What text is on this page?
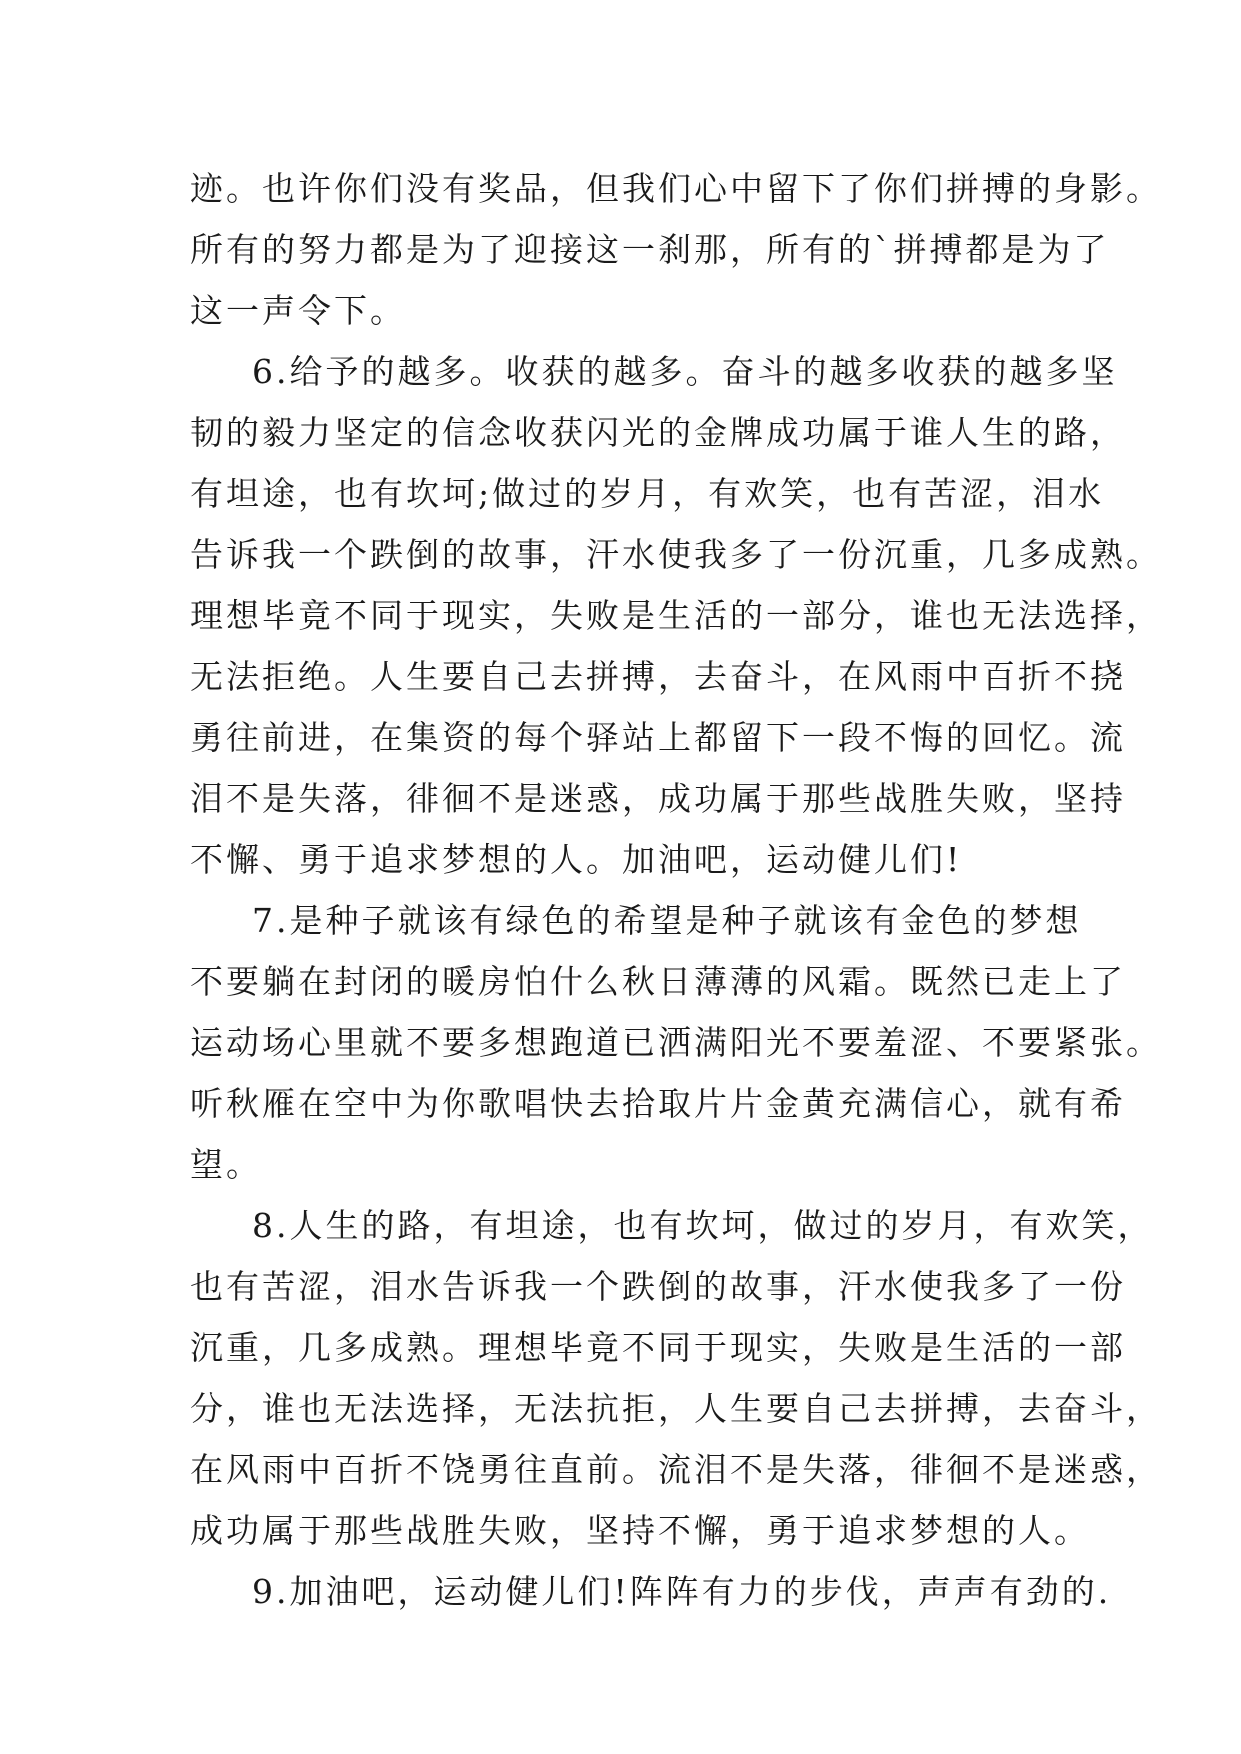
迹。也许你们没有奖品，但我们心中留下了你们拼搏的身影。
所有的努力都是为了迎接这一刹那，所有的`拼搏都是为了
这一声令下。
6.给予的越多。收获的越多。奋斗的越多收获的越多坚
韧的毅力坚定的信念收获闪光的金牌成功属于谁人生的路，
有坦途，也有坎坷;做过的岁月，有欢笑，也有苦涩，泪水
告诉我一个跌倒的故事，汗水使我多了一份沉重，几多成熟。
理想毕竟不同于现实，失败是生活的一部分，谁也无法选择，
无法拒绝。人生要自己去拼搏，去奋斗，在风雨中百折不挠
勇往前进，在集资的每个驿站上都留下一段不悔的回忆。流
泪不是失落，徘徊不是迷惑，成功属于那些战胜失败，坚持
不懈、勇于追求梦想的人。加油吧，运动健儿们!
7.是种子就该有绿色的希望是种子就该有金色的梦想
不要躺在封闭的暖房怕什么秋日薄薄的风霜。既然已走上了
运动场心里就不要多想跑道已洒满阳光不要羞涩、不要紧张。
听秋雁在空中为你歌唱快去拾取片片金黄充满信心，就有希
望。
8.人生的路，有坦途，也有坎坷，做过的岁月，有欢笑，
也有苦涩，泪水告诉我一个跌倒的故事，汗水使我多了一份
沉重，几多成熟。理想毕竟不同于现实，失败是生活的一部
分，谁也无法选择，无法抗拒，人生要自己去拼搏，去奋斗，
在风雨中百折不饶勇往直前。流泪不是失落，徘徊不是迷惑，
成功属于那些战胜失败，坚持不懈，勇于追求梦想的人。
9.加油吧，运动健儿们!阵阵有力的步伐，声声有劲的.
